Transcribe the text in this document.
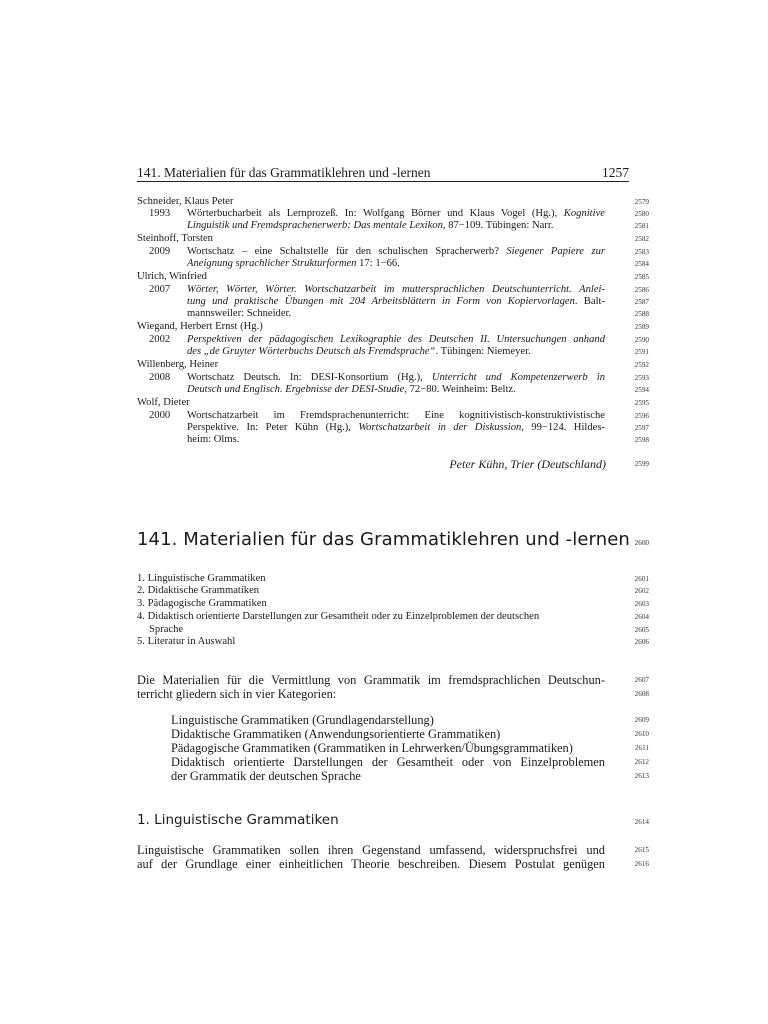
141. Materialien für das Grammatiklehren und -lernen	1257
Schneider, Klaus Peter
1993 Wörterbucharbeit als Lernprozeß. In: Wolfgang Börner und Klaus Vogel (Hg.), Kognitive
Linguistik und Fremdsprachenerwerb: Das mentale Lexikon, 87−109. Tübingen: Narr.
Steinhoff, Torsten
2009 Wortschatz – eine Schaltstelle für den schulischen Spracherwerb? Siegener Papiere zur
Aneignung sprachlicher Strukturformen 17: 1−66.
Ulrich, Winfried
2007 Wörter, Wörter, Wörter. Wortschatzarbeit im muttersprachlichen Deutschunterricht. Anlei-
tung und praktische Übungen mit 204 Arbeitsblättern in Form von Kopiervorlagen. Balt-
mannsweiler: Schneider.
Wiegand, Herbert Ernst (Hg.)
2002 Perspektiven der pädagogischen Lexikographie des Deutschen II. Untersuchungen anhand
des „de Gruyter Wörterbuchs Deutsch als Fremdsprache“. Tübingen: Niemeyer.
Willenberg, Heiner
2008 Wortschatz Deutsch. In: DESI-Konsortium (Hg.), Unterricht und Kompetenzerwerb in
Deutsch und Englisch. Ergebnisse der DESI-Studie, 72−80. Weinheim: Beltz.
Wolf, Dieter
2000 Wortschatzarbeit im Fremdsprachenunterricht: Eine kognitivistisch-konstruktivistische
Perspektive. In: Peter Kühn (Hg.), Wortschatzarbeit in der Diskussion, 99−124. Hildes-
heim: Olms.
Peter Kühn, Trier (Deutschland)
141. Materialien für das Grammatiklehren und -lernen
1. Linguistische Grammatiken
2. Didaktische Grammatiken
3. Pädagogische Grammatiken
4. Didaktisch orientierte Darstellungen zur Gesamtheit oder zu Einzelproblemen der deutschen
Sprache
5. Literatur in Auswahl
Die Materialien für die Vermittlung von Grammatik im fremdsprachlichen Deutschun-
terricht gliedern sich in vier Kategorien:
Linguistische Grammatiken (Grundlagendarstellung)
Didaktische Grammatiken (Anwendungsorientierte Grammatiken)
Pädagogische Grammatiken (Grammatiken in Lehrwerken/Übungsgrammatiken)
Didaktisch orientierte Darstellungen der Gesamtheit oder von Einzelproblemen
der Grammatik der deutschen Sprache
1. Linguistische Grammatiken
Linguistische Grammatiken sollen ihren Gegenstand umfassend, widerspruchsfrei und
auf der Grundlage einer einheitlichen Theorie beschreiben. Diesem Postulat genügen
2579
2580
2581
2582
2583
2584
2585
2586
2587
2588
2589
2590
2591
2592
2593
2594
2595
2596
2597
2598
2599
2600
2601
2602
2603
2604
2605
2606
2607
2608
2609
2610
2611
2612
2613
2614
2615
2616
